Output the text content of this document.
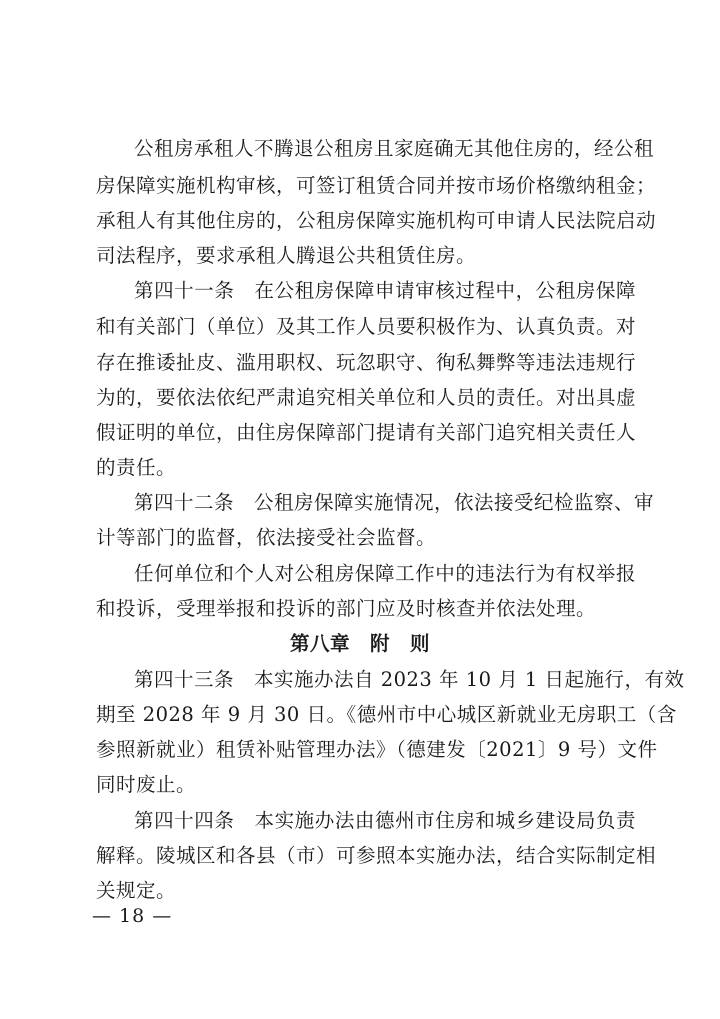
公租房承租人不腾退公租房且家庭确无其他住房的，经公租
房保障实施机构审核，可签订租赁合同并按市场价格缴纳租金；
承租人有其他住房的，公租房保障实施机构可申请人民法院启动
司法程序，要求承租人腾退公共租赁住房。
第四十一条　在公租房保障申请审核过程中，公租房保障
和有关部门（单位）及其工作人员要积极作为、认真负责。对
存在推诿扯皮、滥用职权、玩忽职守、徇私舞弊等违法违规行
为的，要依法依纪严肃追究相关单位和人员的责任。对出具虚
假证明的单位，由住房保障部门提请有关部门追究相关责任人
的责任。
第四十二条　公租房保障实施情况，依法接受纪检监察、审
计等部门的监督，依法接受社会监督。
任何单位和个人对公租房保障工作中的违法行为有权举报
和投诉，受理举报和投诉的部门应及时核查并依法处理。
第八章　附　则
第四十三条　本实施办法自 2023 年 10 月 1 日起施行，有效
期至 2028 年 9 月 30 日。《德州市中心城区新就业无房职工（含
参照新就业）租赁补贴管理办法》（德建发〔2021〕9 号）文件
同时废止。
第四十四条　本实施办法由德州市住房和城乡建设局负责
解释。陵城区和各县（市）可参照本实施办法，结合实际制定相
关规定。
— 18 —
